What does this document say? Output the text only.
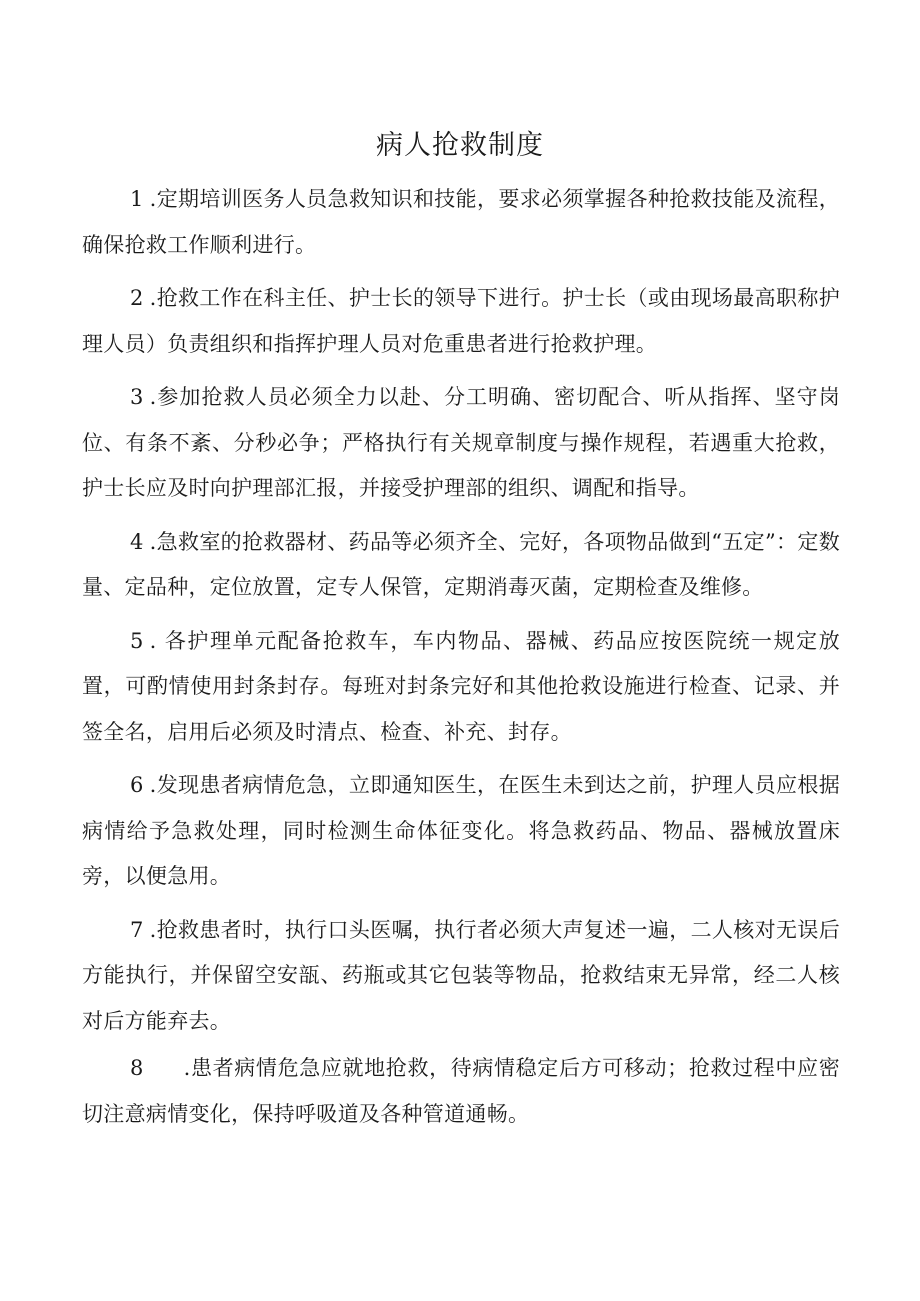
病人抢救制度

1 .定期培训医务人员急救知识和技能，要求必须掌握各种抢救技能及流程，确保抢救工作顺利进行。

2 .抢救工作在科主任、护士长的领导下进行。护士长（或由现场最高职称护理人员）负责组织和指挥护理人员对危重患者进行抢救护理。

3 .参加抢救人员必须全力以赴、分工明确、密切配合、听从指挥、坚守岗位、有条不紊、分秒必争；严格执行有关规章制度与操作规程，若遇重大抢救，护士长应及时向护理部汇报，并接受护理部的组织、调配和指导。

4 .急救室的抢救器材、药品等必须齐全、完好，各项物品做到“五定”：定数量、定品种，定位放置，定专人保管，定期消毒灭菌，定期检查及维修。

5 . 各护理单元配备抢救车，车内物品、器械、药品应按医院统一规定放置，可酌情使用封条封存。每班对封条完好和其他抢救设施进行检查、记录、并签全名，启用后必须及时清点、检查、补充、封存。

6 .发现患者病情危急，立即通知医生，在医生未到达之前，护理人员应根据病情给予急救处理，同时检测生命体征变化。将急救药品、物品、器械放置床旁，以便急用。

7 .抢救患者时，执行口头医嘱，执行者必须大声复述一遍，二人核对无误后方能执行，并保留空安瓿、药瓶或其它包装等物品，抢救结束无异常，经二人核对后方能弃去。

8 .患者病情危急应就地抢救，待病情稳定后方可移动；抢救过程中应密切注意病情变化，保持呼吸道及各种管道通畅。
